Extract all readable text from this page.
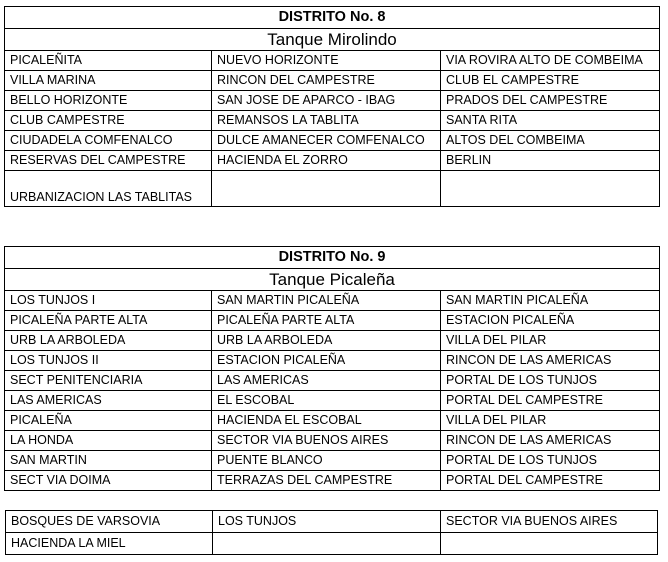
DISTRITO No. 8		
Tanque Mirolindo		
PICALEÑITA	NUEVO HORIZONTE	VIA ROVIRA ALTO DE COMBEIMA
VILLA MARINA	RINCON DEL CAMPESTRE	CLUB EL CAMPESTRE
BELLO HORIZONTE	SAN JOSE DE APARCO - IBAG	PRADOS DEL CAMPESTRE
CLUB CAMPESTRE	REMANSOS LA TABLITA	SANTA RITA
CIUDADELA COMFENALCO	DULCE AMANECER COMFENALCO	ALTOS DEL COMBEIMA
RESERVAS DEL CAMPESTRE	HACIENDA EL ZORRO	BERLIN
URBANIZACION LAS TABLITAS		
DISTRITO No. 9		
Tanque Picaleña		
LOS TUNJOS I	SAN MARTIN PICALEÑA	SAN MARTIN PICALEÑA
PICALEÑA PARTE ALTA	PICALEÑA PARTE ALTA	ESTACION PICALEÑA
URB LA ARBOLEDA	URB LA ARBOLEDA	VILLA DEL PILAR
LOS TUNJOS II	ESTACION PICALEÑA	RINCON DE LAS AMERICAS
SECT PENITENCIARIA	LAS AMERICAS	PORTAL DE LOS TUNJOS
LAS AMERICAS	EL ESCOBAL	PORTAL DEL CAMPESTRE
PICALEÑA	HACIENDA EL ESCOBAL	VILLA DEL PILAR
LA HONDA	SECTOR VIA BUENOS AIRES	RINCON DE LAS AMERICAS
SAN MARTIN	PUENTE BLANCO	PORTAL DE LOS TUNJOS
SECT VIA DOIMA	TERRAZAS DEL CAMPESTRE	PORTAL DEL CAMPESTRE
BOSQUES DE VARSOVIA	LOS TUNJOS	SECTOR VIA BUENOS AIRES
HACIENDA LA MIEL		
